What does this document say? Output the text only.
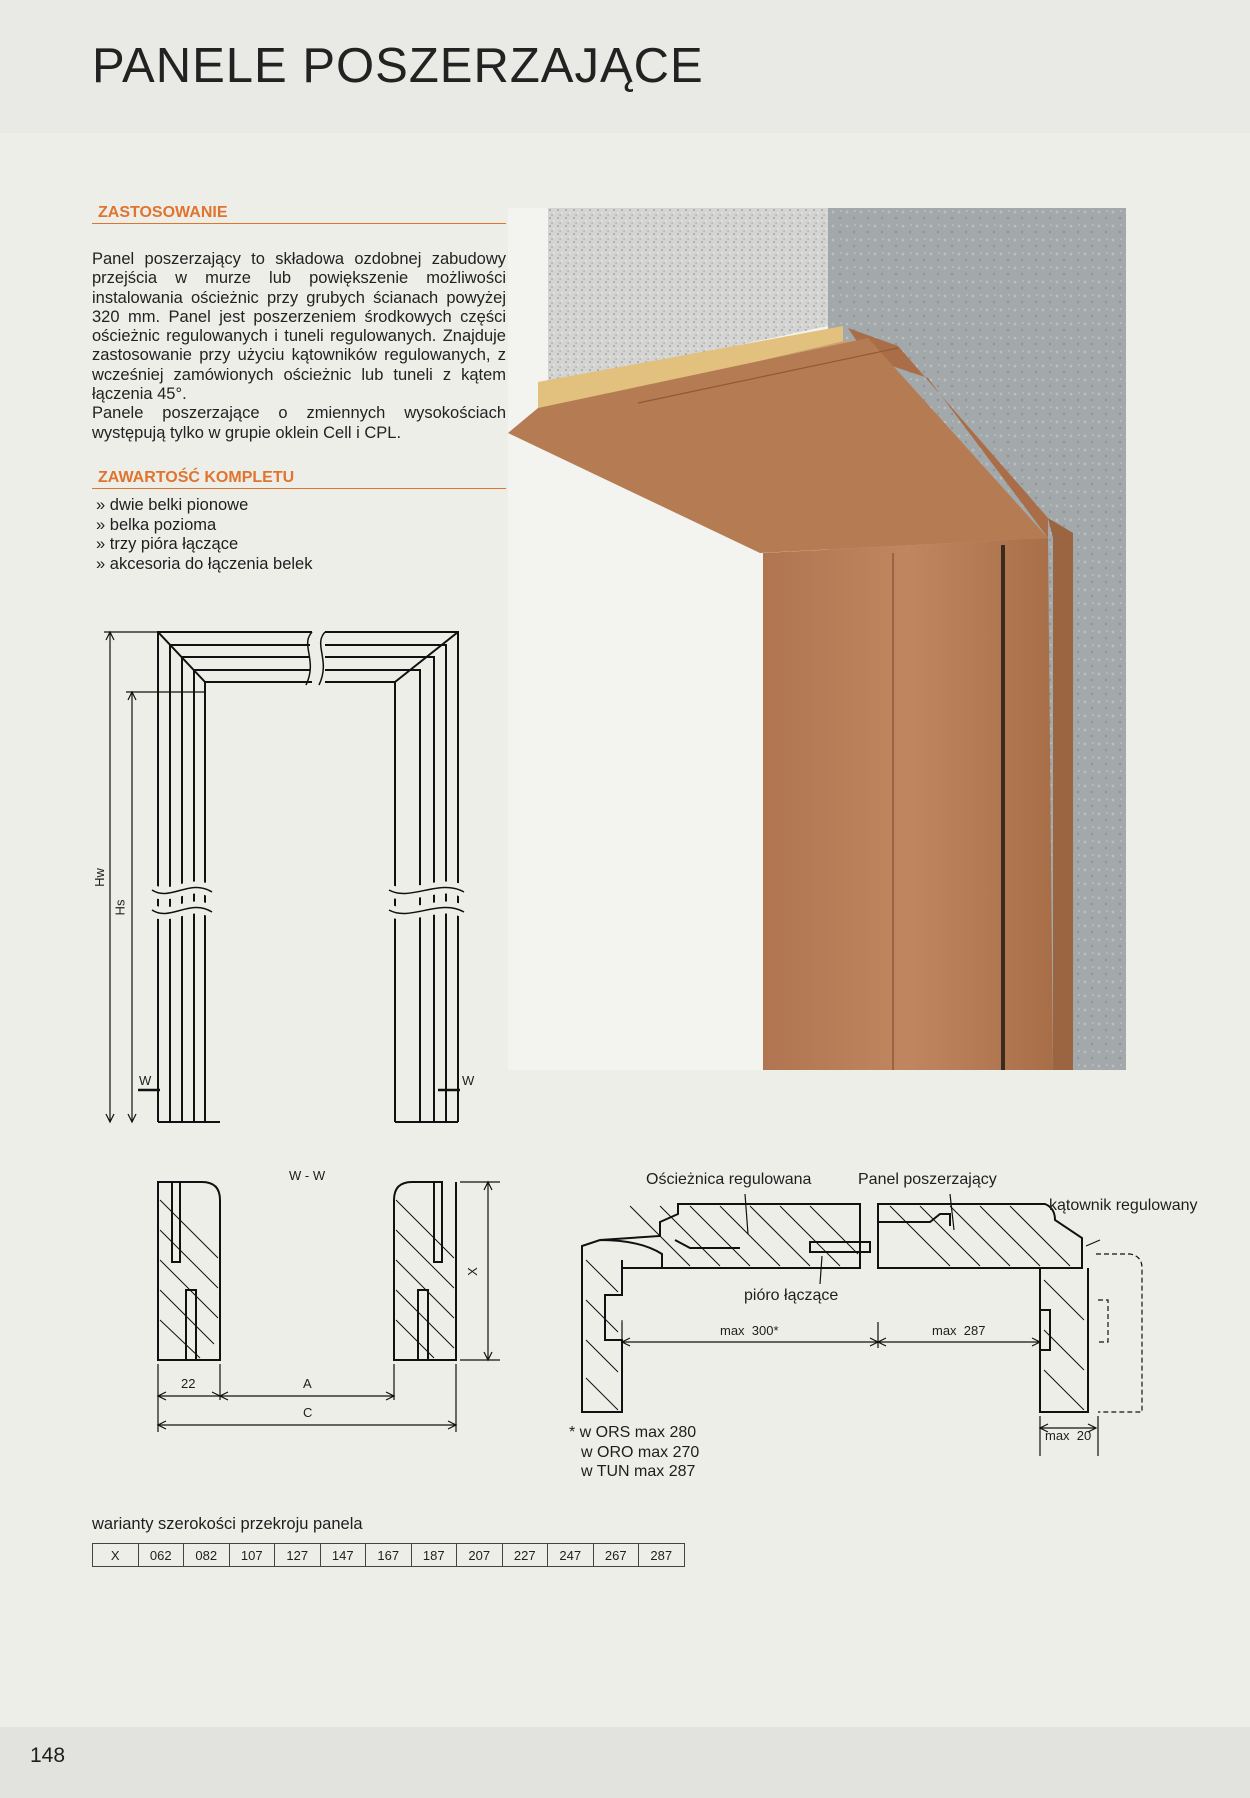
PANELE POSZERZAJĄCE
ZASTOSOWANIE

Panel poszerzający to składowa ozdobnej zabudowy przejścia w murze lub powiększenie możliwości instalowania ościeżnic przy grubych ścianach powyżej 320 mm. Panel jest poszerzeniem środkowych części ościeżnic regulowanych i tuneli regulowanych. Znajduje zastosowanie przy użyciu kątowników regulowanych, z wcześniej zamówionych ościeżnic lub tuneli z kątem łączenia 45°.

Panele poszerzające o zmiennych wysokościach występują tylko w grupie oklein Cell i CPL.

ZAWARTOŚĆ KOMPLETU
» dwie belki pionowe
» belka pozioma
» trzy pióra łączące
» akcesoria do łączenia belek
Hw
Hs
W	W
W - W
22	A
C
X
Ościeżnica regulowana	Panel poszerzający
kątownik regulowany
pióro łączące
max  300*	max  287
max  20
* w ORS max 280
w ORO max 270
w TUN max 287
warianty szerokości przekroju panela
X	062	082	107	127	147	167	187	207	227	247	267	287
148
